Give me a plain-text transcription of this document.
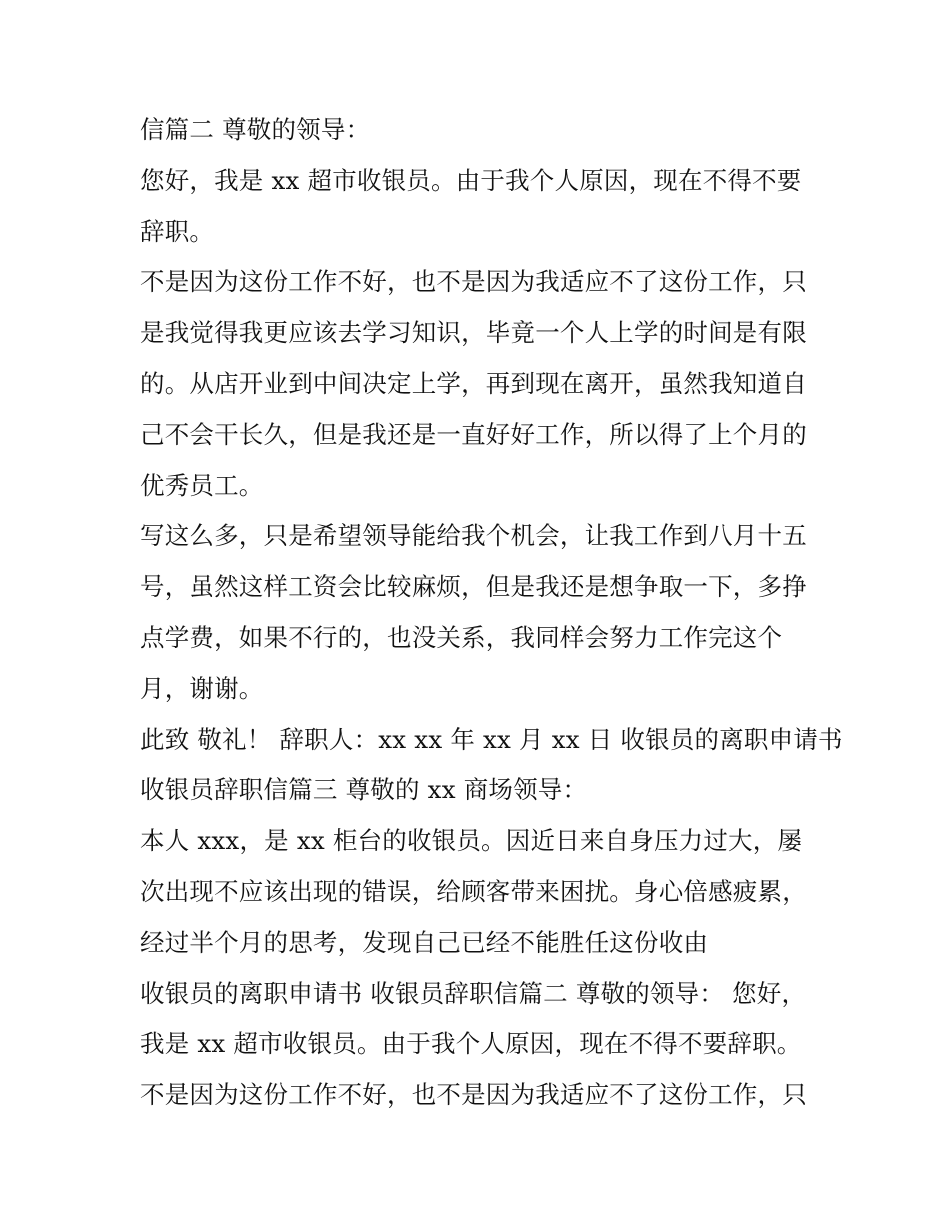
信篇二 尊敬的领导：
您好，我是 xx 超市收银员。由于我个人原因，现在不得不要
辞职。
不是因为这份工作不好，也不是因为我适应不了这份工作，只
是我觉得我更应该去学习知识，毕竟一个人上学的时间是有限
的。从店开业到中间决定上学，再到现在离开，虽然我知道自
己不会干长久，但是我还是一直好好工作，所以得了上个月的
优秀员工。
写这么多，只是希望领导能给我个机会，让我工作到八月十五
号，虽然这样工资会比较麻烦，但是我还是想争取一下，多挣
点学费，如果不行的，也没关系，我同样会努力工作完这个
月，谢谢。
此致 敬礼！ 辞职人：xx xx 年 xx 月 xx 日 收银员的离职申请书
收银员辞职信篇三 尊敬的 xx 商场领导：
本人 xxx，是 xx 柜台的收银员。因近日来自身压力过大，屡
次出现不应该出现的错误，给顾客带来困扰。身心倍感疲累，
经过半个月的思考，发现自己已经不能胜任这份收由
收银员的离职申请书 收银员辞职信篇二 尊敬的领导： 您好，
我是 xx 超市收银员。由于我个人原因，现在不得不要辞职。
不是因为这份工作不好，也不是因为我适应不了这份工作，只
